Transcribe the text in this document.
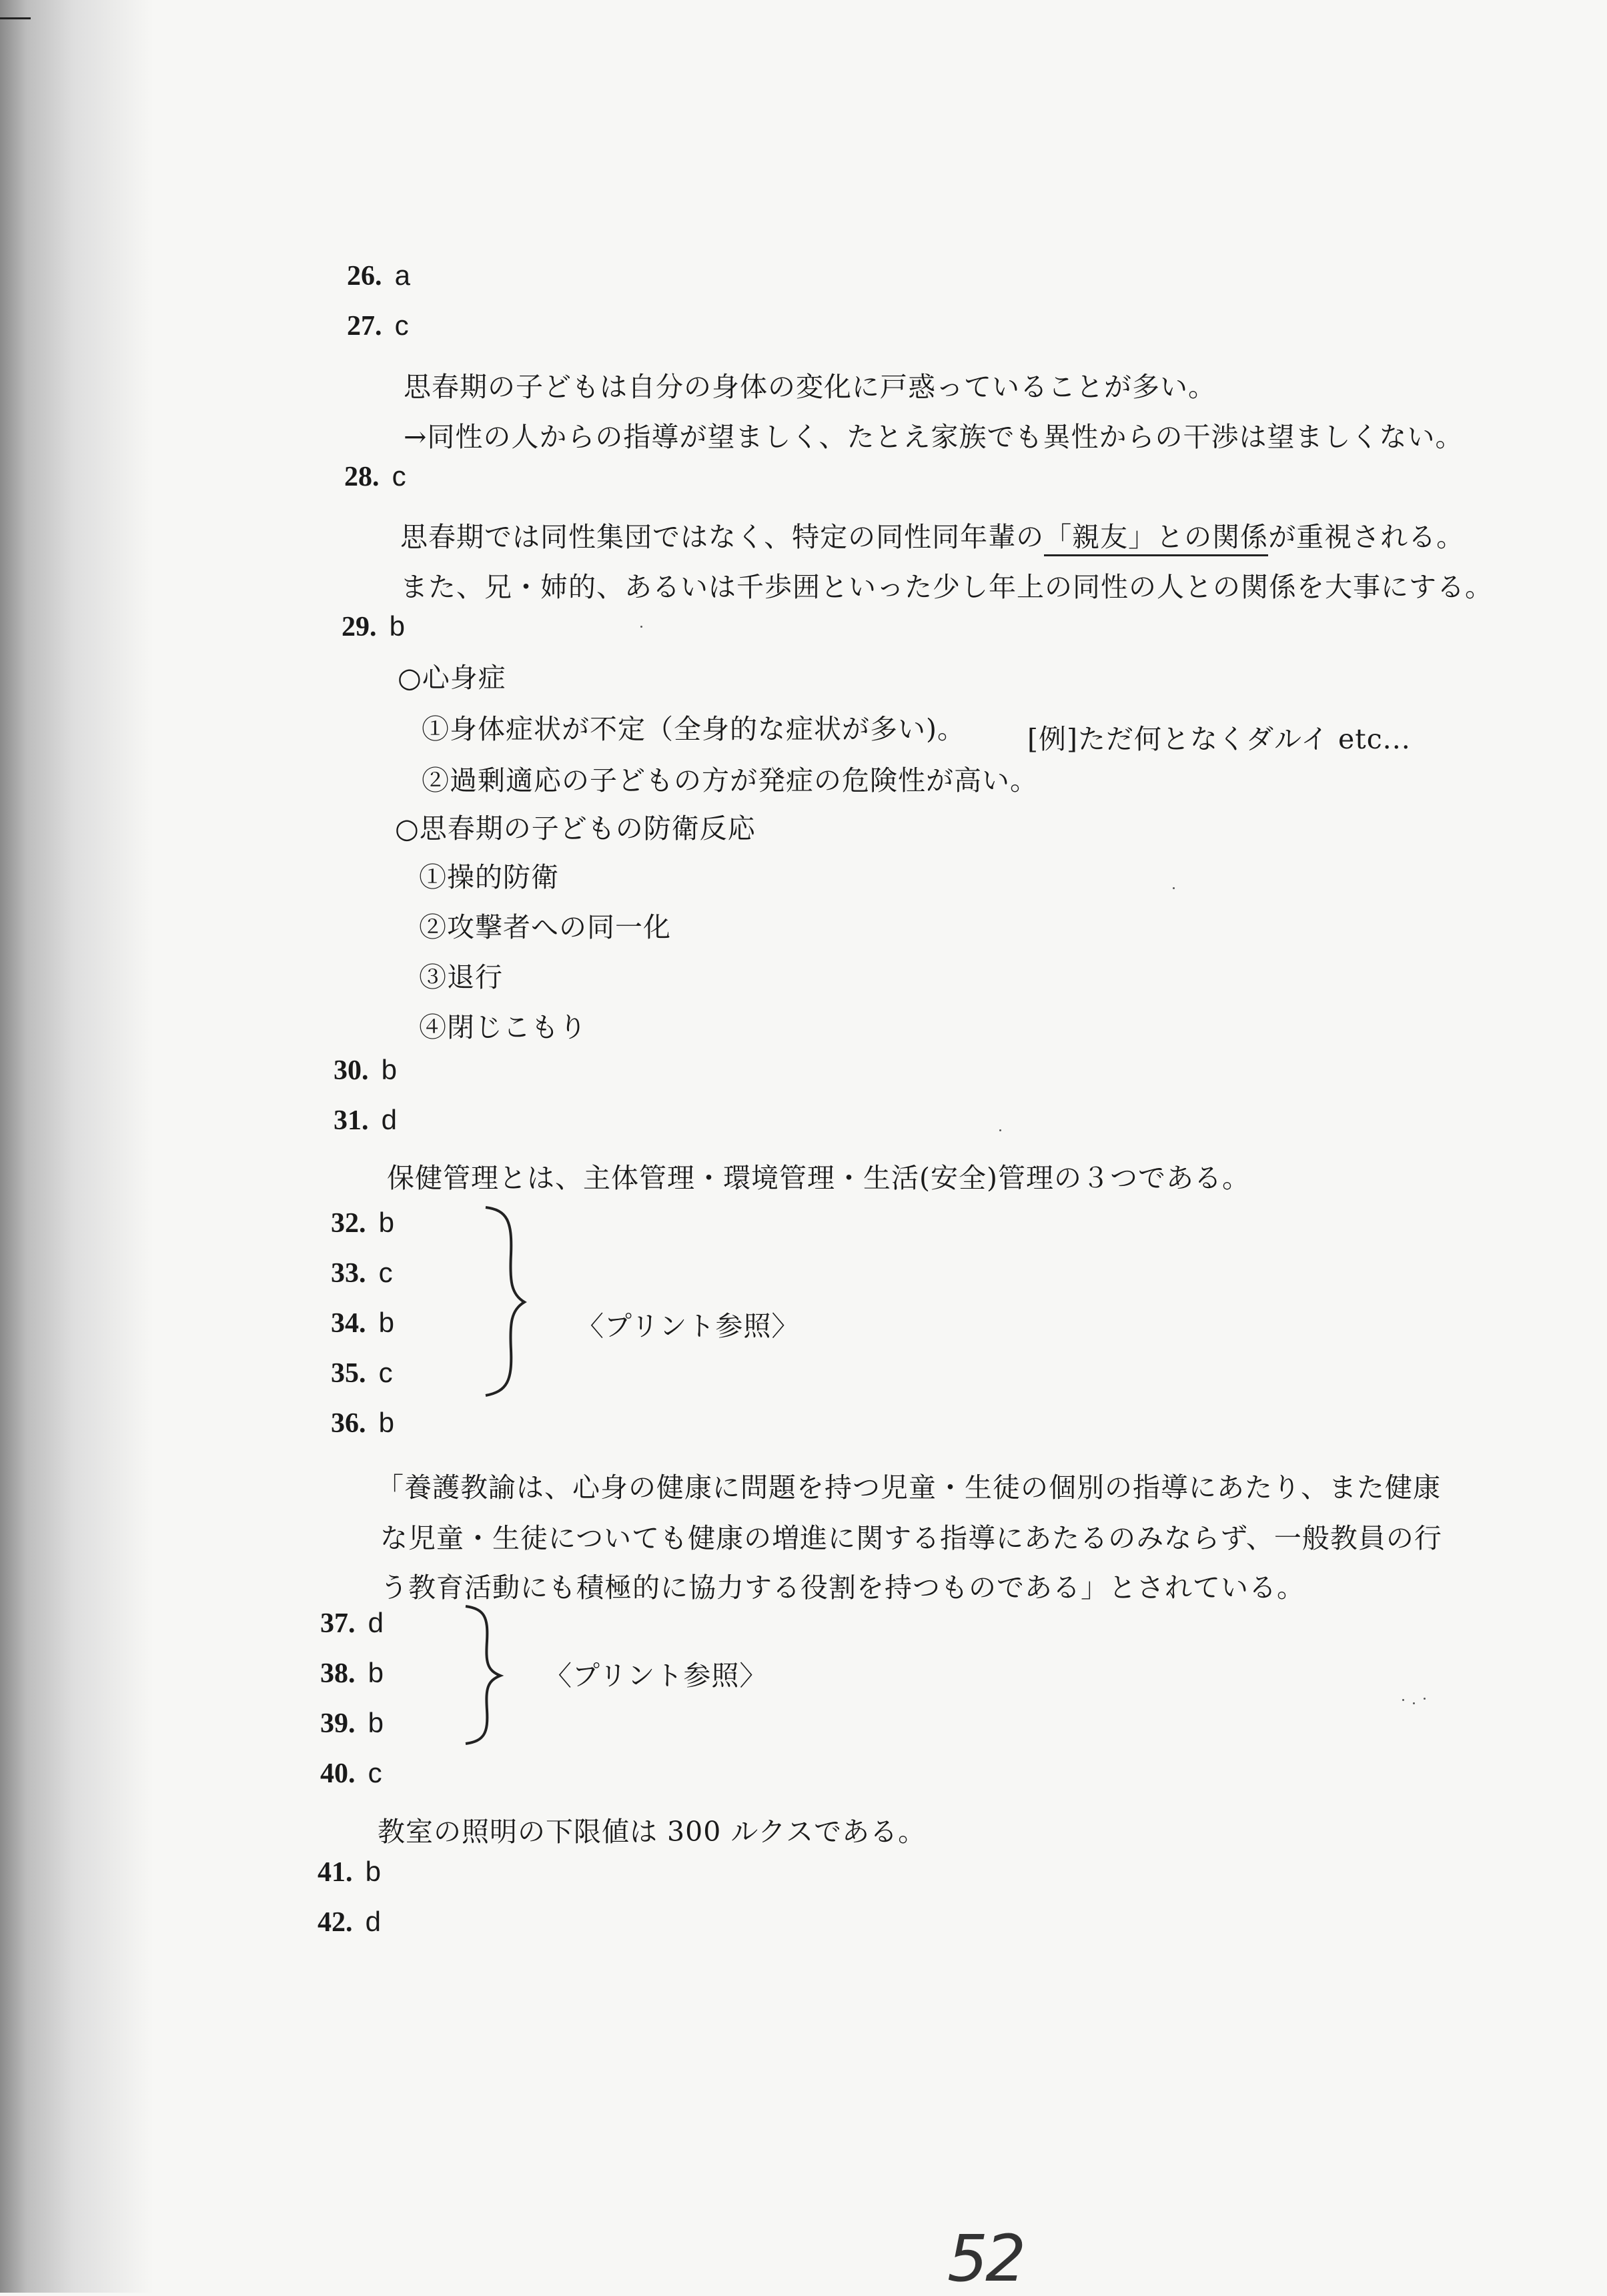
26. a
27. c
思春期の子どもは自分の身体の変化に戸惑っていることが多い。
→同性の人からの指導が望ましく、たとえ家族でも異性からの干渉は望ましくない。
28. c
思春期では同性集団ではなく、特定の同性同年輩の「親友」との関係が重視される。
また、兄・姉的、あるいは千歩囲といった少し年上の同性の人との関係を大事にする。
29. b
○心身症
①身体症状が不定（全身的な症状が多い)。 [例]ただ何となくダルイ etc...
②過剰適応の子どもの方が発症の危険性が高い。
○思春期の子どもの防衛反応
①操的防衛
②攻撃者への同一化
③退行
④閉じこもり
30. b
31. d
保健管理とは、主体管理・環境管理・生活(安全)管理の３つである。
32. b
33. c
34. b
35. c
〈プリント参照〉
36. b
「養護教諭は、心身の健康に問題を持つ児童・生徒の個別の指導にあたり、また健康
な児童・生徒についても健康の増進に関する指導にあたるのみならず、一般教員の行
う教育活動にも積極的に協力する役割を持つものである」とされている。
37. d
38. b
39. b
〈プリント参照〉
40. c
教室の照明の下限値は 300 ルクスである。
41. b
42. d
52
